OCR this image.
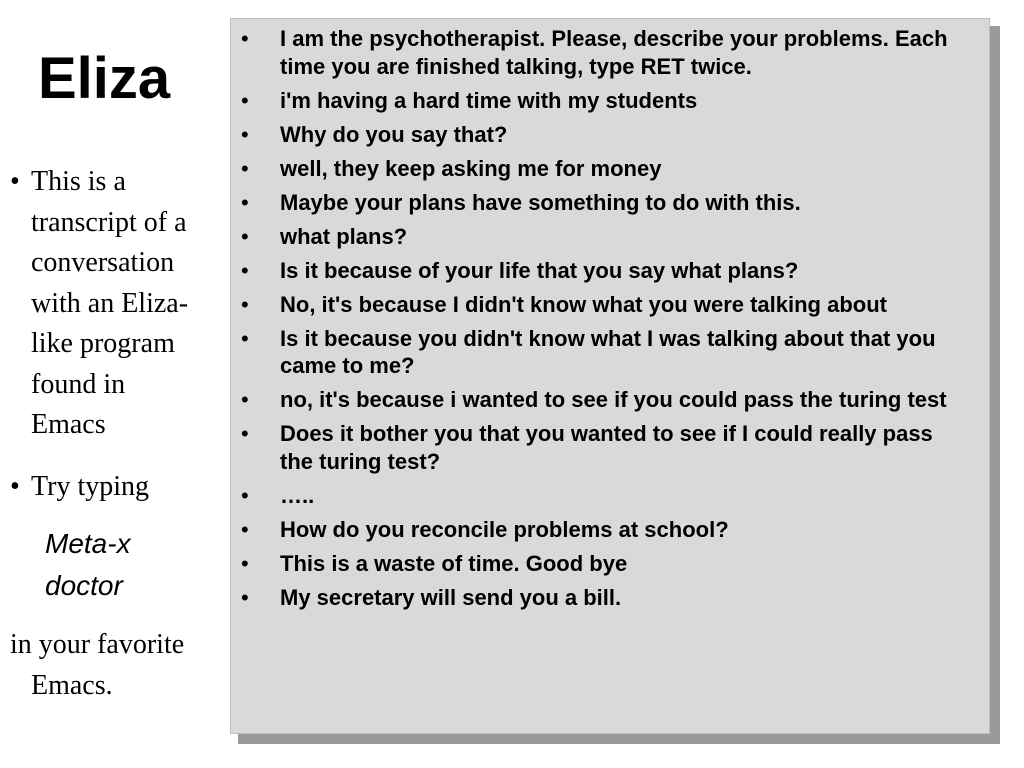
Eliza
• This is a
transcript of a
conversation
with an Eliza-
like program
found in
Emacs
• Try typing
Meta-x
doctor
in your favorite
Emacs.
• I am the psychotherapist. Please, describe your problems. Each time you are finished talking, type RET twice.
• i'm having a hard time with my students
• Why do you say that?
• well, they keep asking me for money
• Maybe your plans have something to do with this.
• what plans?
• Is it because of your life that you say what plans?
• No, it's because I didn't know what you were talking about
• Is it because you didn't know what I was talking about that you came to me?
• no, it's because i wanted to see if you could pass the turing test
• Does it bother you that you wanted to see if I could really pass the turing test?
• …..
• How do you reconcile problems at school?
• This is a waste of time. Good bye
• My secretary will send you a bill.
